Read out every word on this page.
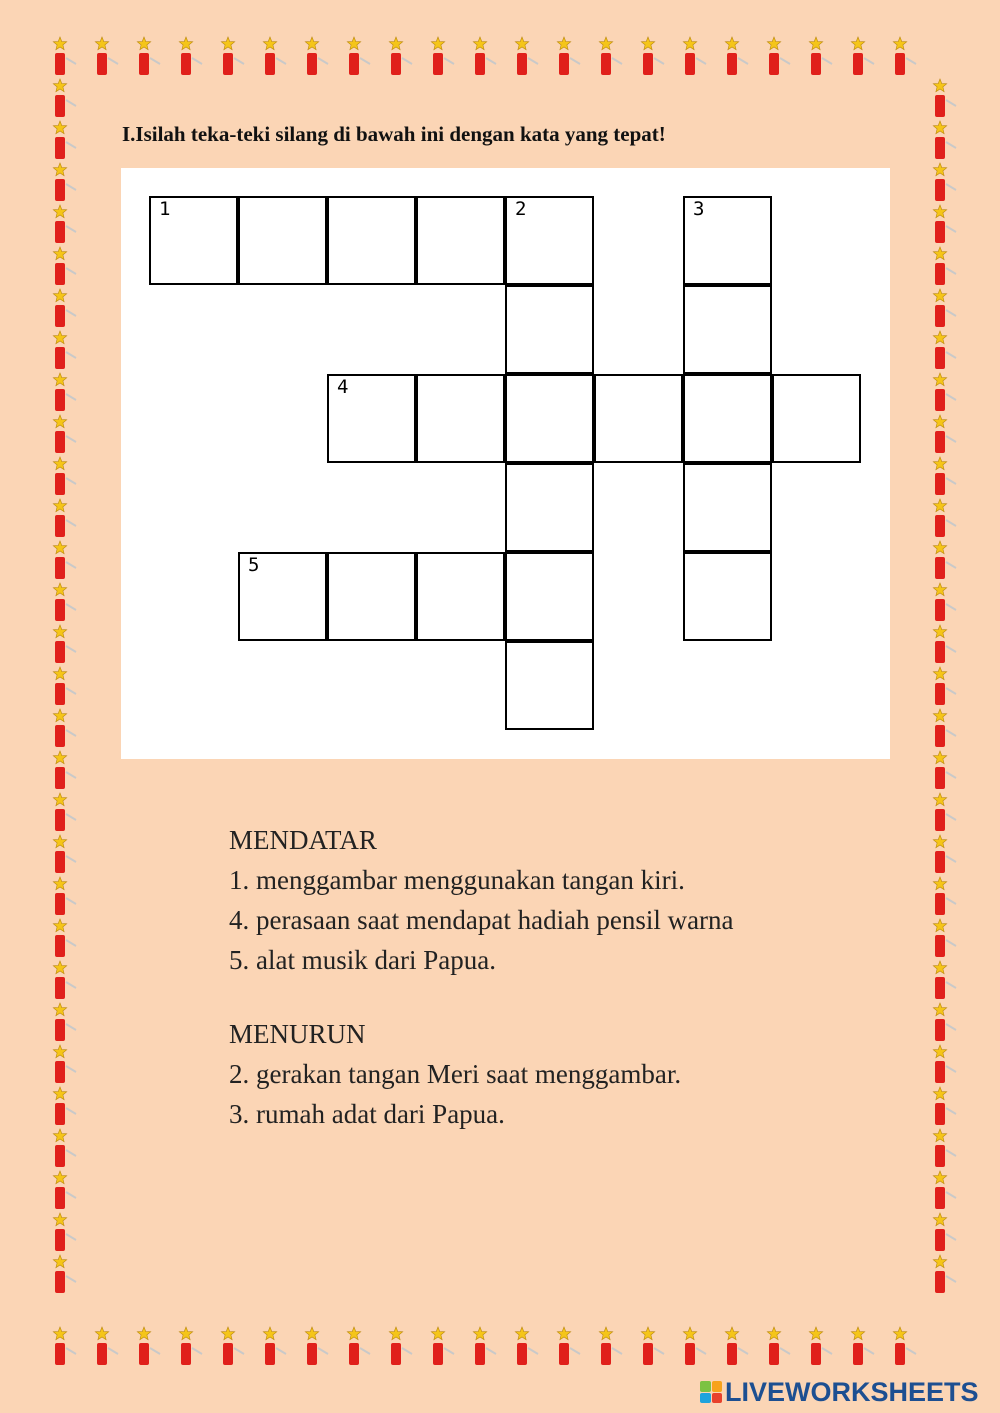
I.Isilah teka-teki silang di bawah ini dengan kata yang tepat!

1	2	3
4
5
MENDATAR
1. menggambar menggunakan tangan kiri.
4. perasaan saat mendapat hadiah pensil warna
5. alat musik dari Papua.
MENURUN
2. gerakan tangan Meri saat menggambar.
3. rumah adat dari Papua.
LIVEWORKSHEETS
